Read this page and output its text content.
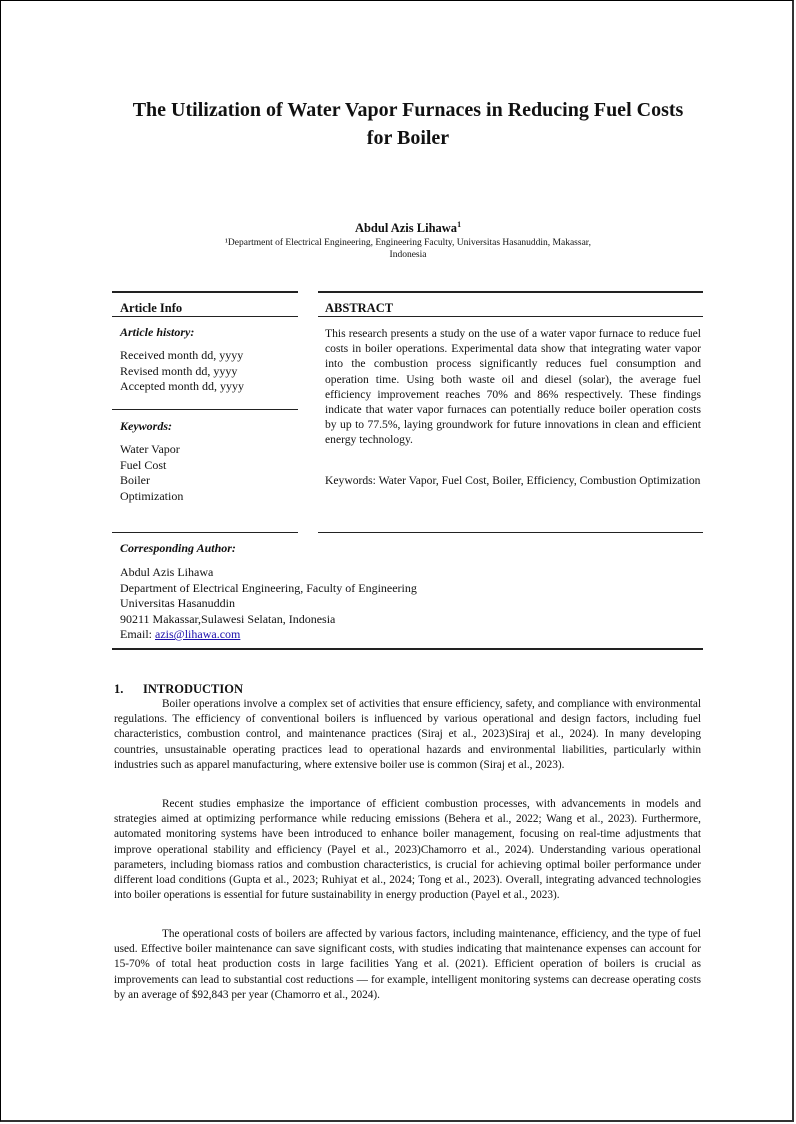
The Utilization of Water Vapor Furnaces in Reducing Fuel Costs for Boiler
Abdul Azis Lihawa$^1$
¹Department of Electrical Engineering, Engineering Faculty, Universitas Hasanuddin, Makassar, Indonesia
Article Info	ABSTRACT
Article history:
Received month dd, yyyy
Revised month dd, yyyy
Accepted month dd, yyyy
Keywords:
Water Vapor
Fuel Cost
Boiler
Optimization
This research presents a study on the use of a water vapor furnace to reduce fuel costs in boiler operations. Experimental data show that integrating water vapor into the combustion process significantly reduces fuel consumption and operation time. Using both waste oil and diesel (solar), the average fuel efficiency improvement reaches 70% and 86% respectively. These findings indicate that water vapor furnaces can potentially reduce boiler operation costs by up to 77.5%, laying groundwork for future innovations in clean and efficient energy technology.
Keywords: Water Vapor, Fuel Cost, Boiler, Efficiency, Combustion Optimization
Corresponding Author:
Abdul Azis Lihawa
Department of Electrical Engineering, Faculty of Engineering
Universitas Hasanuddin
90211 Makassar,Sulawesi Selatan, Indonesia
Email: azis@lihawa.com
1. INTRODUCTION
Boiler operations involve a complex set of activities that ensure efficiency, safety, and compliance with environmental regulations. The efficiency of conventional boilers is influenced by various operational and design factors, including fuel characteristics, combustion control, and maintenance practices (Siraj et al., 2023)Siraj et al., 2024). In many developing countries, unsustainable operating practices lead to operational hazards and environmental liabilities, particularly within industries such as apparel manufacturing, where extensive boiler use is common (Siraj et al., 2023).
Recent studies emphasize the importance of efficient combustion processes, with advancements in models and strategies aimed at optimizing performance while reducing emissions (Behera et al., 2022; Wang et al., 2023). Furthermore, automated monitoring systems have been introduced to enhance boiler management, focusing on real-time adjustments that improve operational stability and efficiency (Payel et al., 2023)Chamorro et al., 2024). Understanding various operational parameters, including biomass ratios and combustion characteristics, is crucial for achieving optimal boiler performance under different load conditions (Gupta et al., 2023; Ruhiyat et al., 2024; Tong et al., 2023). Overall, integrating advanced technologies into boiler operations is essential for future sustainability in energy production (Payel et al., 2023).
The operational costs of boilers are affected by various factors, including maintenance, efficiency, and the type of fuel used. Effective boiler maintenance can save significant costs, with studies indicating that maintenance expenses can account for 15-70% of total heat production costs in large facilities Yang et al. (2021). Efficient operation of boilers is crucial as improvements can lead to substantial cost reductions — for example, intelligent monitoring systems can decrease operating costs by an average of $92,843 per year (Chamorro et al., 2024).
